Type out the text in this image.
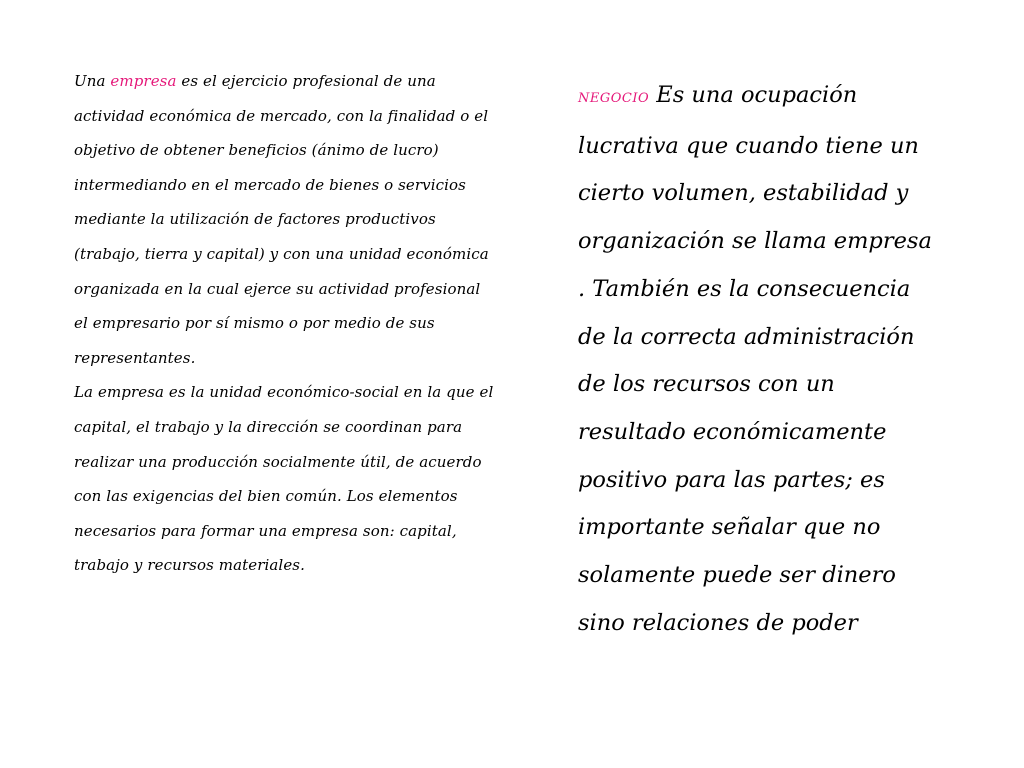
Una empresa es el ejercicio profesional de una actividad económica de mercado, con la finalidad o el objetivo de obtener beneficios (ánimo de lucro) intermediando en el mercado de bienes o servicios mediante la utilización de factores productivos (trabajo, tierra y capital) y con una unidad económica organizada en la cual ejerce su actividad profesional el empresario por sí mismo o por medio de sus representantes.

La empresa es la unidad económico-social en la que el capital, el trabajo y la dirección se coordinan para realizar una producción socialmente útil, de acuerdo con las exigencias del bien común. Los elementos necesarios para formar una empresa son: capital, trabajo y recursos materiales.

NEGOCIO Es una ocupación lucrativa que cuando tiene un cierto volumen, estabilidad y organización se llama empresa . También es la consecuencia de la correcta administración de los recursos con un resultado económicamente positivo para las partes; es importante señalar que no solamente puede ser dinero sino relaciones de poder
